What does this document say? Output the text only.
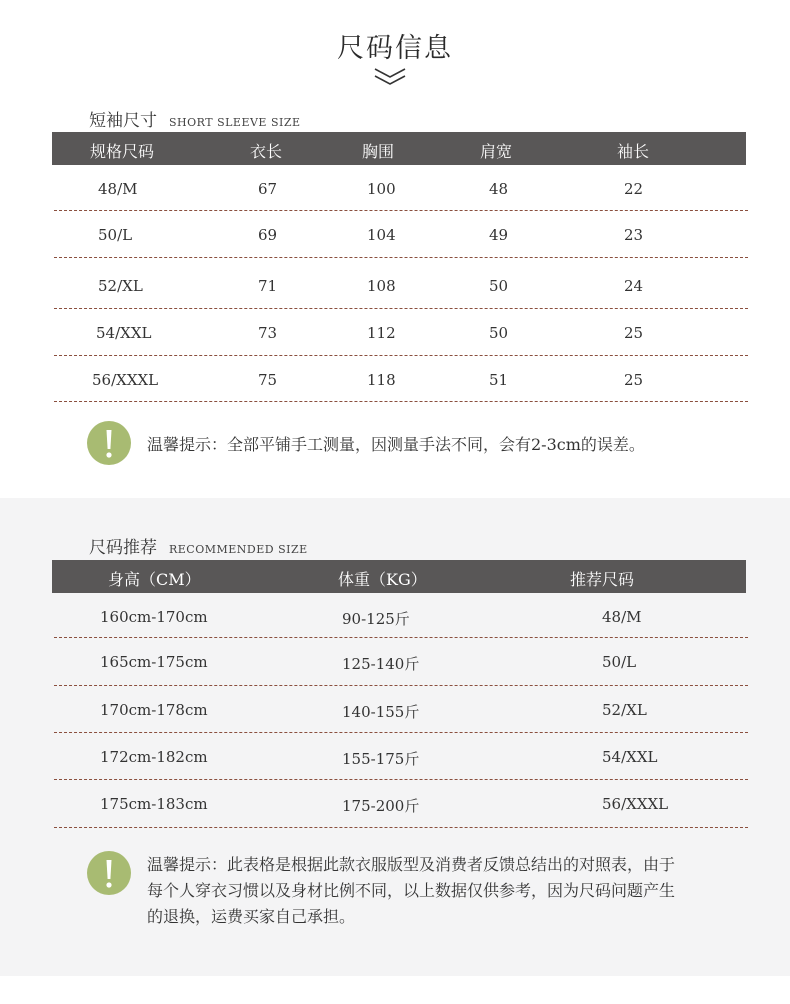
尺码信息
短袖尺寸 SHORT SLEEVE SIZE
规格尺码	衣长	胸围	肩宽	袖长
48/M	67	100	48	22
50/L	69	104	49	23
52/XL	71	108	50	24
54/XXL	73	112	50	25
56/XXXL	75	118	51	25
温馨提示：全部平铺手工测量，因测量手法不同，会有2-3cm的误差。
尺码推荐 RECOMMENDED SIZE
身高（CM）	体重（KG）	推荐尺码
160cm-170cm	90-125斤	48/M
165cm-175cm	125-140斤	50/L
170cm-178cm	140-155斤	52/XL
172cm-182cm	155-175斤	54/XXL
175cm-183cm	175-200斤	56/XXXL
温馨提示：此表格是根据此款衣服版型及消费者反馈总结出的对照表，由于
每个人穿衣习惯以及身材比例不同，以上数据仅供参考，因为尺码问题产生
的退换，运费买家自己承担。
